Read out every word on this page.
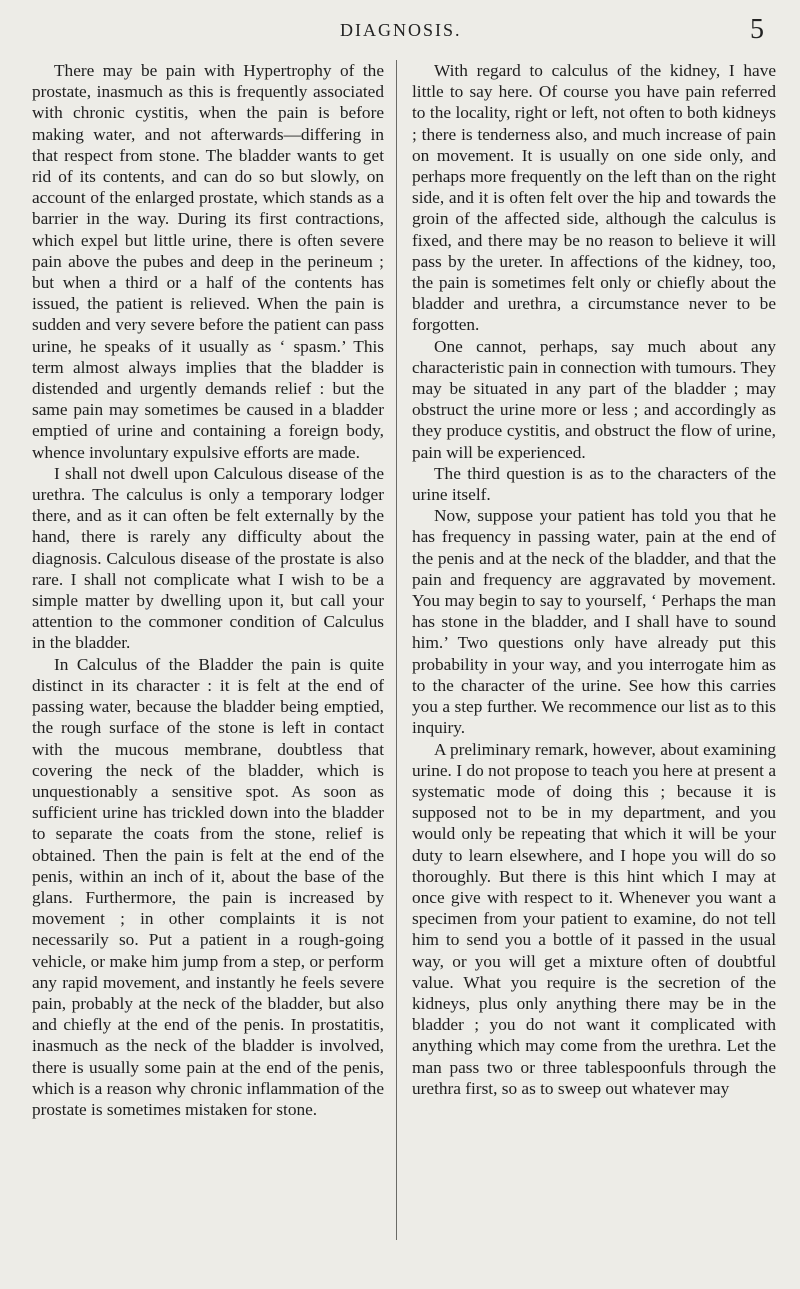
DIAGNOSIS.	5

There may be pain with Hypertrophy of the prostate, inasmuch as this is frequently associated with chronic cystitis, when the pain is before making water, and not afterwards—differing in that respect from stone. The bladder wants to get rid of its contents, and can do so but slowly, on account of the enlarged prostate, which stands as a barrier in the way. During its first contractions, which expel but little urine, there is often severe pain above the pubes and deep in the perineum ; but when a third or a half of the contents has issued, the patient is relieved. When the pain is sudden and very severe before the patient can pass urine, he speaks of it usually as ‘ spasm.’ This term almost always implies that the bladder is distended and urgently demands relief : but the same pain may sometimes be caused in a bladder emptied of urine and containing a foreign body, whence involuntary expulsive efforts are made.

I shall not dwell upon Calculous disease of the urethra. The calculus is only a temporary lodger there, and as it can often be felt externally by the hand, there is rarely any difficulty about the diagnosis. Calculous disease of the prostate is also rare. I shall not complicate what I wish to be a simple matter by dwelling upon it, but call your attention to the commoner condition of Calculus in the bladder.

In Calculus of the Bladder the pain is quite distinct in its character : it is felt at the end of passing water, because the bladder being emptied, the rough surface of the stone is left in contact with the mucous membrane, doubtless that covering the neck of the bladder, which is unquestionably a sensitive spot. As soon as sufficient urine has trickled down into the bladder to separate the coats from the stone, relief is obtained. Then the pain is felt at the end of the penis, within an inch of it, about the base of the glans. Furthermore, the pain is increased by movement ; in other complaints it is not necessarily so. Put a patient in a rough-going vehicle, or make him jump from a step, or perform any rapid movement, and instantly he feels severe pain, probably at the neck of the bladder, but also and chiefly at the end of the penis. In prostatitis, inasmuch as the neck of the bladder is involved, there is usually some pain at the end of the penis, which is a reason why chronic inflammation of the prostate is sometimes mistaken for stone.

With regard to calculus of the kidney, I have little to say here. Of course you have pain referred to the locality, right or left, not often to both kidneys ; there is tenderness also, and much increase of pain on movement. It is usually on one side only, and perhaps more frequently on the left than on the right side, and it is often felt over the hip and towards the groin of the affected side, although the calculus is fixed, and there may be no reason to believe it will pass by the ureter. In affections of the kidney, too, the pain is sometimes felt only or chiefly about the bladder and urethra, a circumstance never to be forgotten.

One cannot, perhaps, say much about any characteristic pain in connection with tumours. They may be situated in any part of the bladder ; may obstruct the urine more or less ; and accordingly as they produce cystitis, and obstruct the flow of urine, pain will be experienced.

The third question is as to the characters of the urine itself.

Now, suppose your patient has told you that he has frequency in passing water, pain at the end of the penis and at the neck of the bladder, and that the pain and frequency are aggravated by movement. You may begin to say to yourself, ‘ Perhaps the man has stone in the bladder, and I shall have to sound him.’ Two questions only have already put this probability in your way, and you interrogate him as to the character of the urine. See how this carries you a step further. We recommence our list as to this inquiry.

A preliminary remark, however, about examining urine. I do not propose to teach you here at present a systematic mode of doing this ; because it is supposed not to be in my department, and you would only be repeating that which it will be your duty to learn elsewhere, and I hope you will do so thoroughly. But there is this hint which I may at once give with respect to it. Whenever you want a specimen from your patient to examine, do not tell him to send you a bottle of it passed in the usual way, or you will get a mixture often of doubtful value. What you require is the secretion of the kidneys, plus only anything there may be in the bladder ; you do not want it complicated with anything which may come from the urethra. Let the man pass two or three tablespoonfuls through the urethra first, so as to sweep out whatever may
